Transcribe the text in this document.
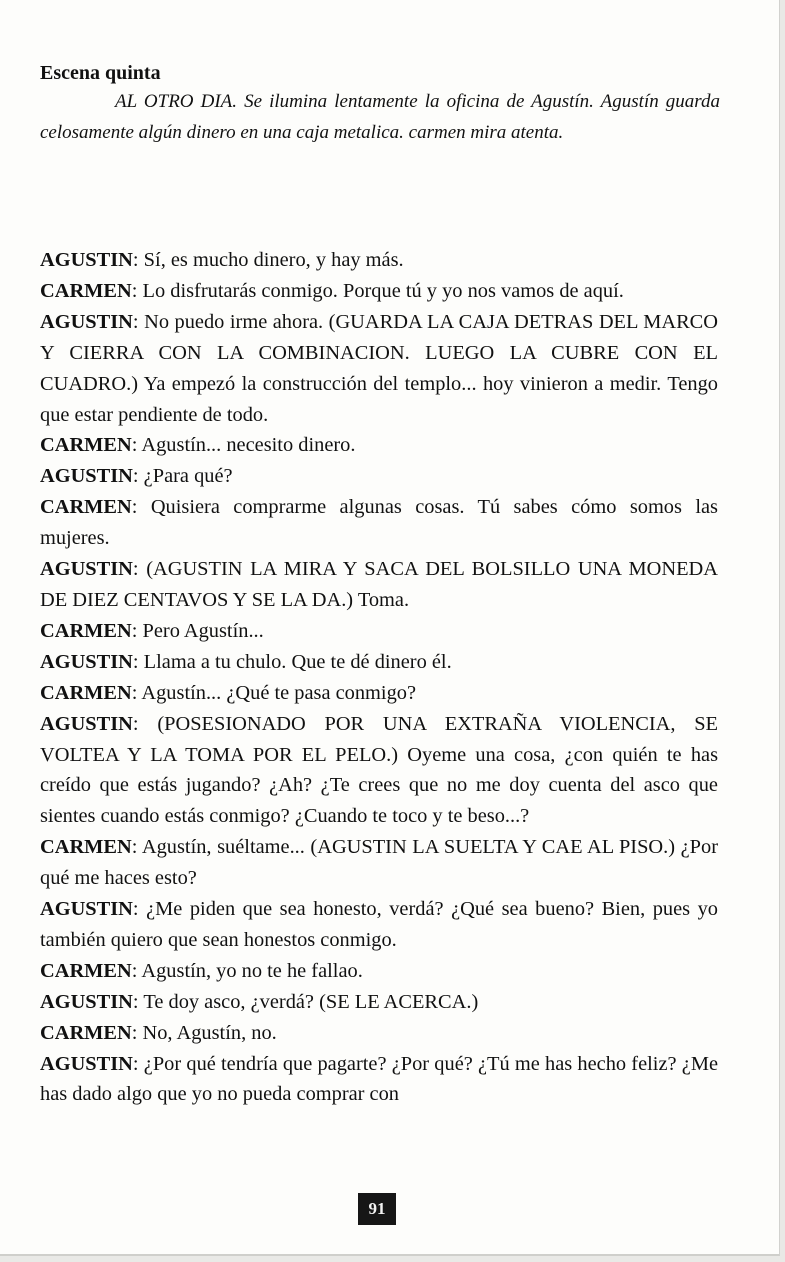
Escena quinta

AL OTRO DIA. Se ilumina lentamente la oficina de Agustín. Agustín guarda celosamente algún dinero en una caja metalica. carmen mira atenta.

AGUSTIN: Sí, es mucho dinero, y hay más.

CARMEN: Lo disfrutarás conmigo. Porque tú y yo nos vamos de aquí.

AGUSTIN: No puedo irme ahora. (GUARDA LA CAJA DETRAS DEL MARCO Y CIERRA CON LA COMBINACION. LUEGO LA CUBRE CON EL CUADRO.) Ya empezó la construcción del templo... hoy vinieron a medir. Tengo que estar pendiente de todo.

CARMEN: Agustín... necesito dinero.

AGUSTIN: ¿Para qué?

CARMEN: Quisiera comprarme algunas cosas. Tú sabes cómo somos las mujeres.

AGUSTIN: (AGUSTIN LA MIRA Y SACA DEL BOLSILLO UNA MONEDA DE DIEZ CENTAVOS Y SE LA DA.) Toma.

CARMEN: Pero Agustín...

AGUSTIN: Llama a tu chulo. Que te dé dinero él.

CARMEN: Agustín... ¿Qué te pasa conmigo?

AGUSTIN: (POSESIONADO POR UNA EXTRAÑA VIOLENCIA, SE VOLTEA Y LA TOMA POR EL PELO.) Oyeme una cosa, ¿con quién te has creído que estás jugando? ¿Ah? ¿Te crees que no me doy cuenta del asco que sientes cuando estás conmigo? ¿Cuando te toco y te beso...?

CARMEN: Agustín, suéltame... (AGUSTIN LA SUELTA Y CAE AL PISO.) ¿Por qué me haces esto?

AGUSTIN: ¿Me piden que sea honesto, verdá? ¿Qué sea bueno? Bien, pues yo también quiero que sean honestos conmigo.

CARMEN: Agustín, yo no te he fallao.

AGUSTIN: Te doy asco, ¿verdá? (SE LE ACERCA.)

CARMEN: No, Agustín, no.

AGUSTIN: ¿Por qué tendría que pagarte? ¿Por qué? ¿Tú me has hecho feliz? ¿Me has dado algo que yo no pueda comprar con

91
